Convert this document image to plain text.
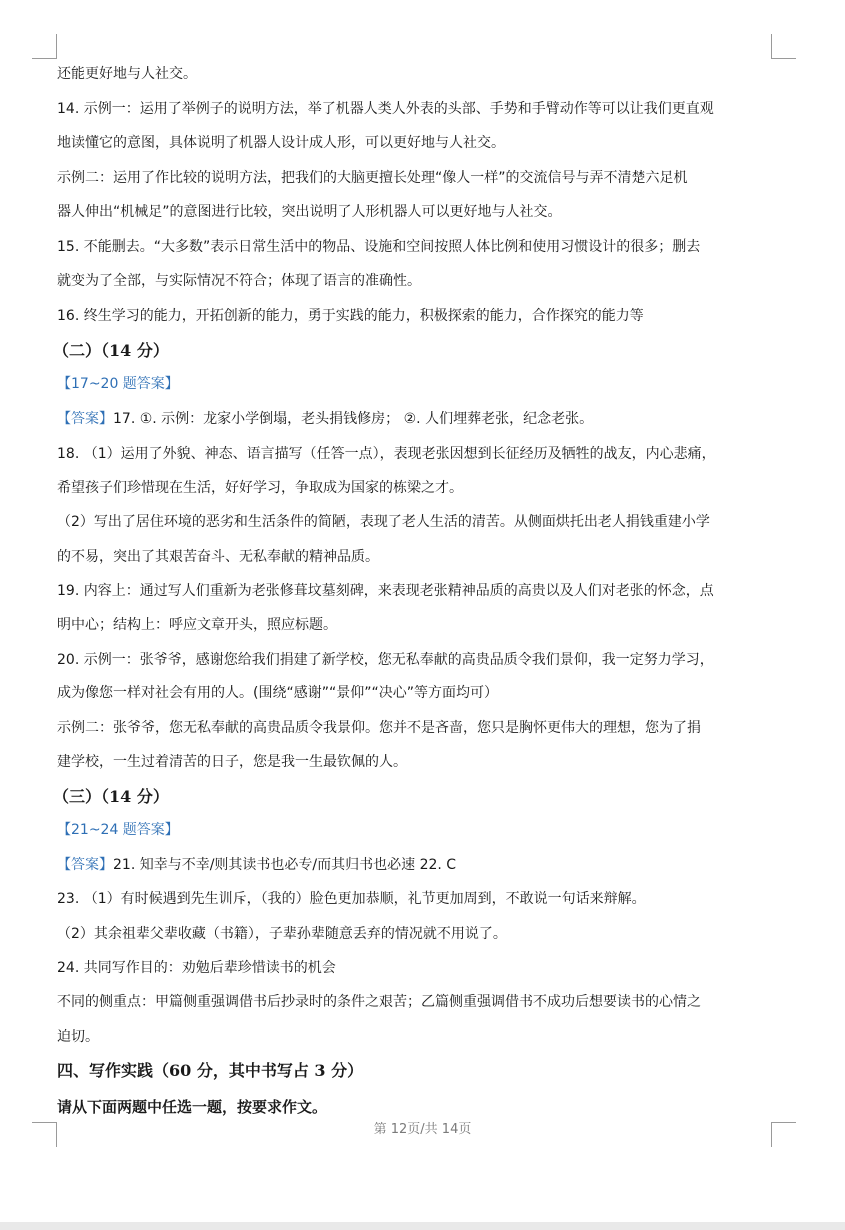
还能更好地与人社交。
14. 示例一：运用了举例子的说明方法，举了机器人类人外表的头部、手势和手臂动作等可以让我们更直观
地读懂它的意图，具体说明了机器人设计成人形，可以更好地与人社交。
示例二：运用了作比较的说明方法，把我们的大脑更擅长处理“像人一样”的交流信号与弄不清楚六足机
器人伸出“机械足”的意图进行比较，突出说明了人形机器人可以更好地与人社交。
15. 不能删去。“大多数”表示日常生活中的物品、设施和空间按照人体比例和使用习惯设计的很多；删去
就变为了全部，与实际情况不符合；体现了语言的准确性。
16. 终生学习的能力，开拓创新的能力，勇于实践的能力，积极探索的能力，合作探究的能力等
（二）（14 分）
【17~20 题答案】
【答案】17. ①. 示例：龙家小学倒塌，老头捐钱修房； ②. 人们埋葬老张，纪念老张。
18. （1）运用了外貌、神态、语言描写（任答一点），表现老张因想到长征经历及牺牲的战友，内心悲痛，
希望孩子们珍惜现在生活，好好学习，争取成为国家的栋梁之才。
（2）写出了居住环境的恶劣和生活条件的简陋，表现了老人生活的清苦。从侧面烘托出老人捐钱重建小学
的不易，突出了其艰苦奋斗、无私奉献的精神品质。
19. 内容上：通过写人们重新为老张修葺坟墓刻碑，来表现老张精神品质的高贵以及人们对老张的怀念，点
明中心；结构上：呼应文章开头，照应标题。
20. 示例一：张爷爷，感谢您给我们捐建了新学校，您无私奉献的高贵品质令我们景仰，我一定努力学习，
成为像您一样对社会有用的人。(围绕“感谢”“景仰”“决心”等方面均可）
示例二：张爷爷，您无私奉献的高贵品质令我景仰。您并不是吝啬，您只是胸怀更伟大的理想，您为了捐
建学校，一生过着清苦的日子，您是我一生最钦佩的人。
（三）（14 分）
【21~24 题答案】
【答案】21. 知幸与不幸/则其读书也必专/而其归书也必速 22. C
23. （1）有时候遇到先生训斥，（我的）脸色更加恭顺，礼节更加周到，不敢说一句话来辩解。
（2）其余祖辈父辈收藏（书籍），子辈孙辈随意丢弃的情况就不用说了。
24. 共同写作目的：劝勉后辈珍惜读书的机会
不同的侧重点：甲篇侧重强调借书后抄录时的条件之艰苦；乙篇侧重强调借书不成功后想要读书的心情之
迫切。
四、写作实践（60 分，其中书写占 3 分）
请从下面两题中任选一题，按要求作文。
第 12页/共 14页
